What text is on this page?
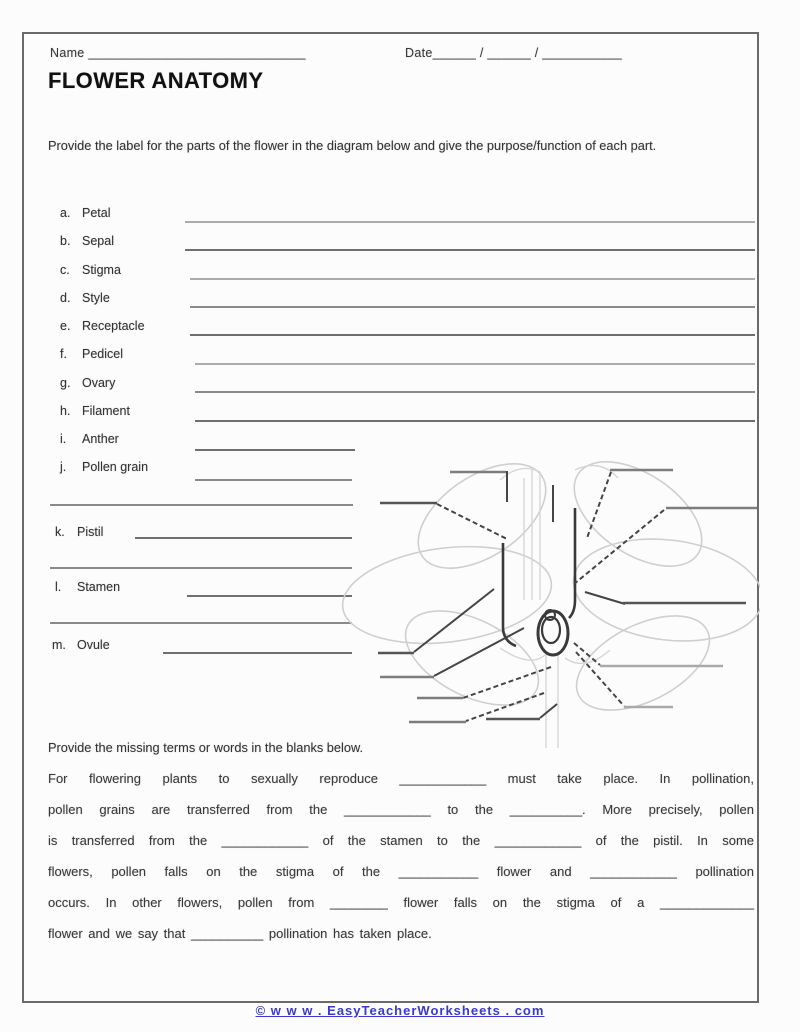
Name ______________________________	Date______ / ______ / ___________
FLOWER ANATOMY
Provide the label for the parts of the flower in the diagram below and give the purpose/function of each part.
a. Petal
b. Sepal
c. Stigma
d. Style
e. Receptacle
f. Pedicel
g. Ovary
h. Filament
i. Anther
j. Pollen grain
k. Pistil
l. Stamen
m. Ovule
Provide the missing terms or words in the blanks below.
For flowering plants to sexually reproduce ____________ must take place. In pollination,
pollen grains are transferred from the ____________ to the __________. More precisely, pollen
is transferred from the ____________ of the stamen to the ____________ of the pistil. In some
flowers, pollen falls on the stigma of the ___________ flower and ____________ pollination
occurs. In other flowers, pollen from ________ flower falls on the stigma of a _____________
flower and we say that __________ pollination has taken place.
© w w w . EasyTeacherWorksheets . com
